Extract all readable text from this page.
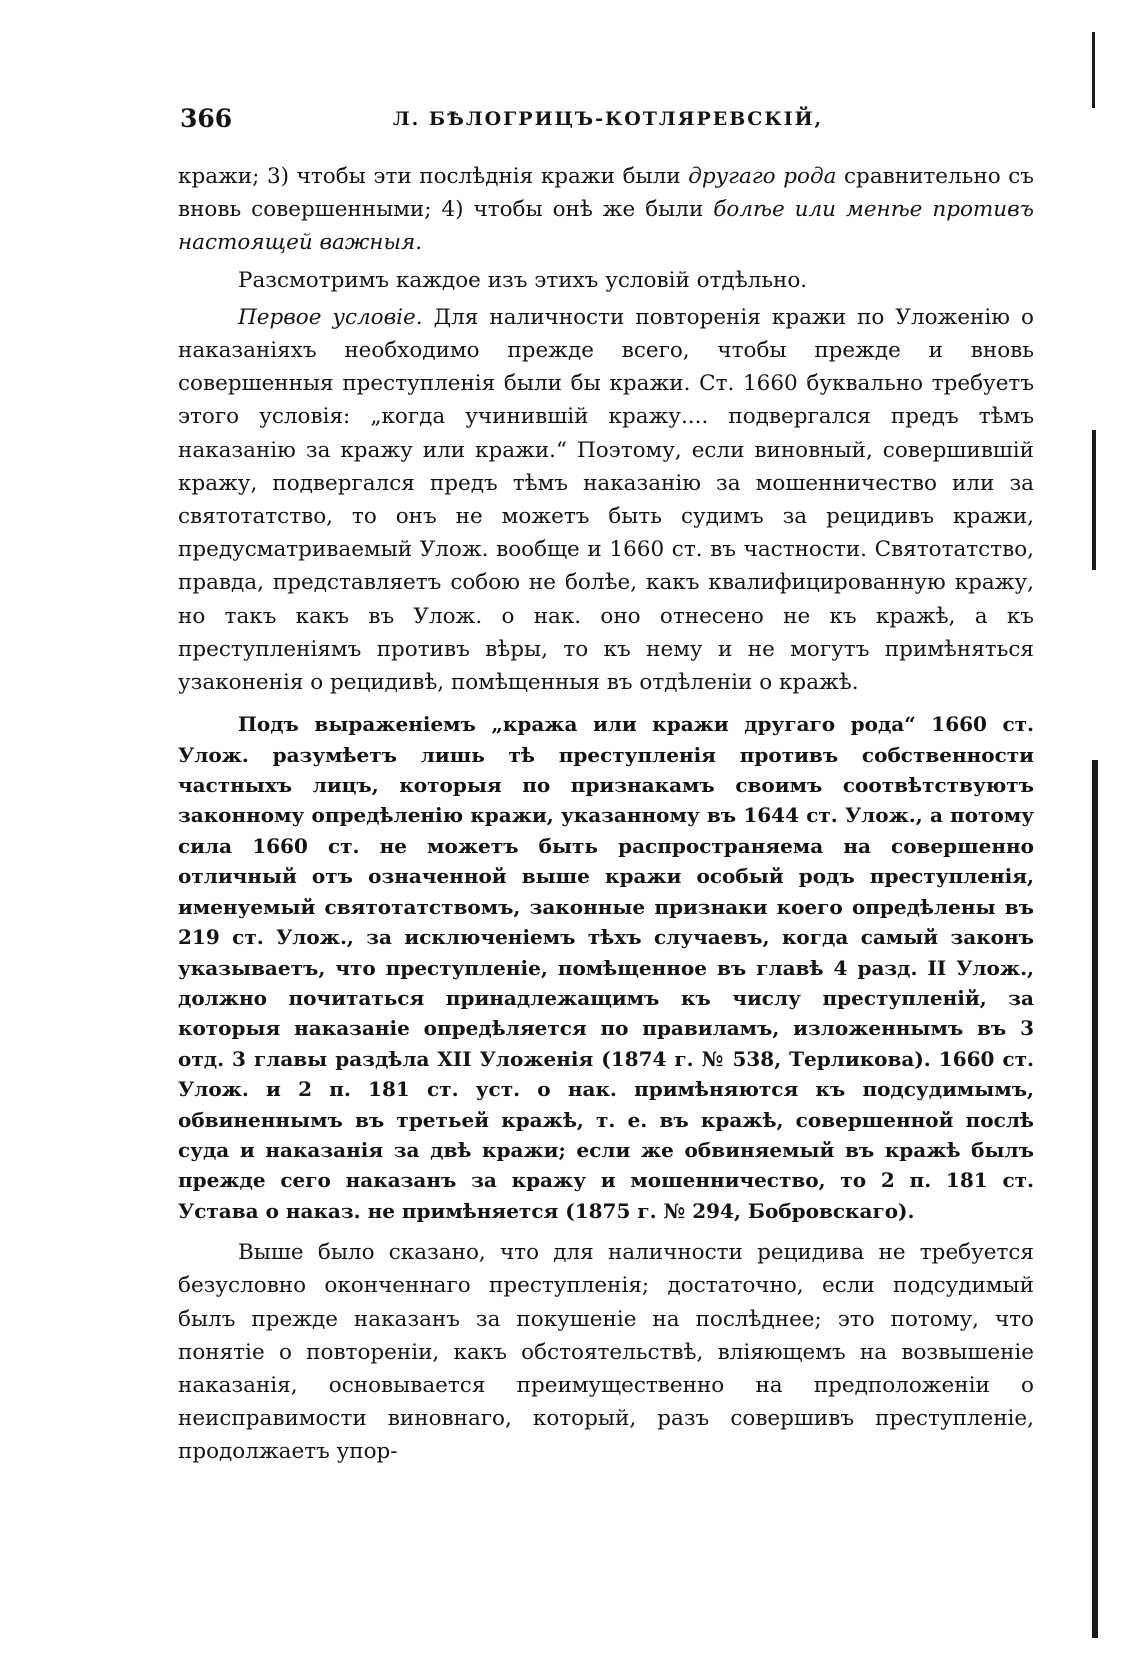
366	Л. БѢЛОГРИЦЪ-КОТЛЯРЕВСКІЙ,

кражи; 3) чтобы эти послѣднія кражи были другаго рода сравнительно съ вновь совершенными; 4) чтобы онѣ же были болѣе или менѣе противъ настоящей важныя.

Разсмотримъ каждое изъ этихъ условій отдѣльно.

Первое условіе. Для наличности повторенія кражи по Уложенію о наказаніяхъ необходимо прежде всего, чтобы прежде и вновь совершенныя преступленія были бы кражи. Ст. 1660 буквально требуетъ этого условія: „когда учинившій кражу.... подвергался предъ тѣмъ наказанію за кражу или кражи.“ Поэтому, если виновный, совершившій кражу, подвергался предъ тѣмъ наказанію за мошенничество или за святотатство, то онъ не можетъ быть судимъ за рецидивъ кражи, предусматриваемый Улож. вообще и 1660 ст. въ частности. Святотатство, правда, представляетъ собою не болѣе, какъ квалифицированную кражу, но такъ какъ въ Улож. о нак. оно отнесено не къ кражѣ, а къ преступленіямъ противъ вѣры, то къ нему и не могутъ примѣняться узаконенія о рецидивѣ, помѣщенныя въ отдѣленіи о кражѣ.

Подъ выраженіемъ „кража или кражи другаго рода“ 1660 ст. Улож. разумѣетъ лишь тѣ преступленія противъ собственности частныхъ лицъ, которыя по признакамъ своимъ соотвѣтствуютъ законному опредѣленію кражи, указанному въ 1644 ст. Улож., а потому сила 1660 ст. не можетъ быть распространяема на совершенно отличный отъ означенной выше кражи особый родъ преступленія, именуемый святотатствомъ, законные признаки коего опредѣлены въ 219 ст. Улож., за исключеніемъ тѣхъ случаевъ, когда самый законъ указываетъ, что преступленіе, помѣщенное въ главѣ 4 разд. II Улож., должно почитаться принадлежащимъ къ числу преступленій, за которыя наказаніе опредѣляется по правиламъ, изложеннымъ въ 3 отд. 3 главы раздѣла XII Уложенія (1874 г. № 538, Терликова). 1660 ст. Улож. и 2 п. 181 ст. уст. о нак. примѣняются къ подсудимымъ, обвиненнымъ въ третьей кражѣ, т. е. въ кражѣ, совершенной послѣ суда и наказанія за двѣ кражи; если же обвиняемый въ кражѣ былъ прежде сего наказанъ за кражу и мошенничество, то 2 п. 181 ст. Устава о наказ. не примѣняется (1875 г. № 294, Бобровскаго).

Выше было сказано, что для наличности рецидива не требуется безусловно оконченнаго преступленія; достаточно, если подсудимый былъ прежде наказанъ за покушеніе на послѣднее; это потому, что понятіе о повтореніи, какъ обстоятельствѣ, вліяющемъ на возвышеніе наказанія, основывается преимущественно на предположеніи о неисправимости виновнаго, который, разъ совершивъ преступленіе, продолжаетъ упор-
